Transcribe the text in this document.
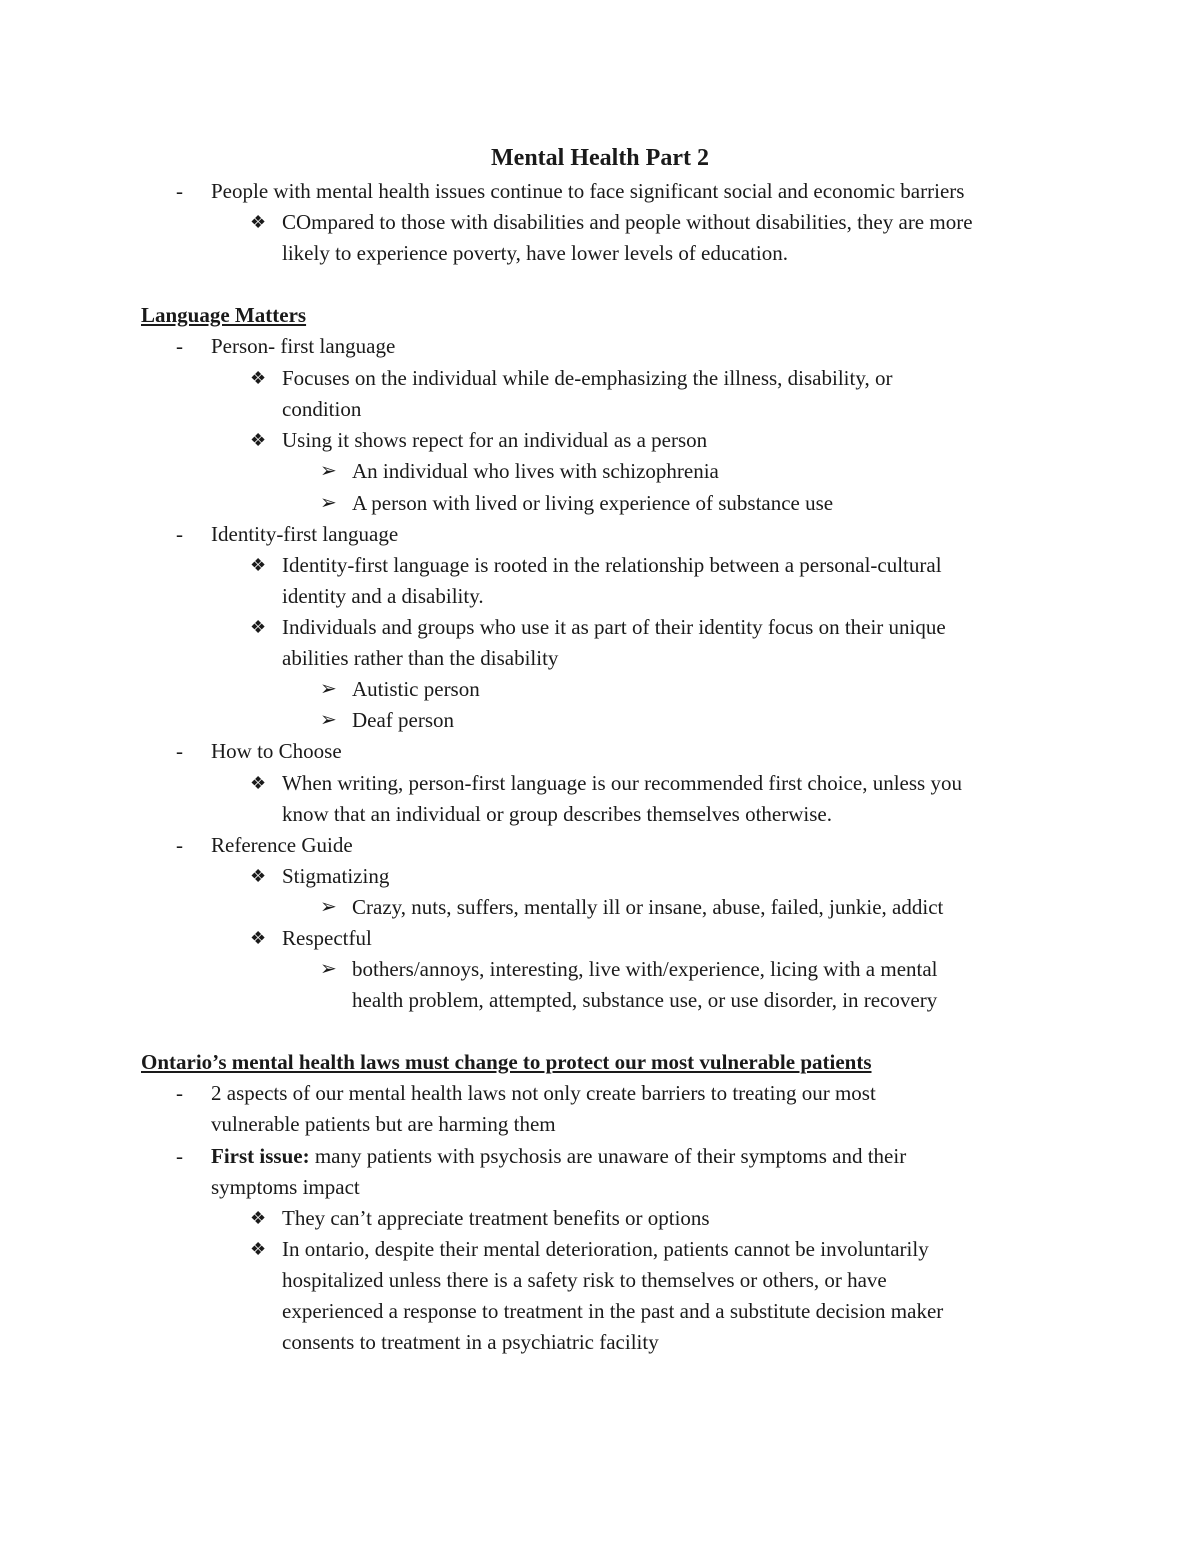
Mental Health Part 2
- People with mental health issues continue to face significant social and economic barriers
❖ COmpared to those with disabilities and people without disabilities, they are more
likely to experience poverty, have lower levels of education.
Language Matters
- Person- first language
❖ Focuses on the individual while de-emphasizing the illness, disability, or
condition
❖ Using it shows repect for an individual as a person
➢ An individual who lives with schizophrenia
➢ A person with lived or living experience of substance use
- Identity-first language
❖ Identity-first language is rooted in the relationship between a personal-cultural
identity and a disability.
❖ Individuals and groups who use it as part of their identity focus on their unique
abilities rather than the disability
➢ Autistic person
➢ Deaf person
- How to Choose
❖ When writing, person-first language is our recommended first choice, unless you
know that an individual or group describes themselves otherwise.
- Reference Guide
❖ Stigmatizing
➢ Crazy, nuts, suffers, mentally ill or insane, abuse, failed, junkie, addict
❖ Respectful
➢ bothers/annoys, interesting, live with/experience, licing with a mental
health problem, attempted, substance use, or use disorder, in recovery
Ontario’s mental health laws must change to protect our most vulnerable patients
- 2 aspects of our mental health laws not only create barriers to treating our most
vulnerable patients but are harming them
- First issue: many patients with psychosis are unaware of their symptoms and their
symptoms impact
❖ They can’t appreciate treatment benefits or options
❖ In ontario, despite their mental deterioration, patients cannot be involuntarily
hospitalized unless there is a safety risk to themselves or others, or have
experienced a response to treatment in the past and a substitute decision maker
consents to treatment in a psychiatric facility
